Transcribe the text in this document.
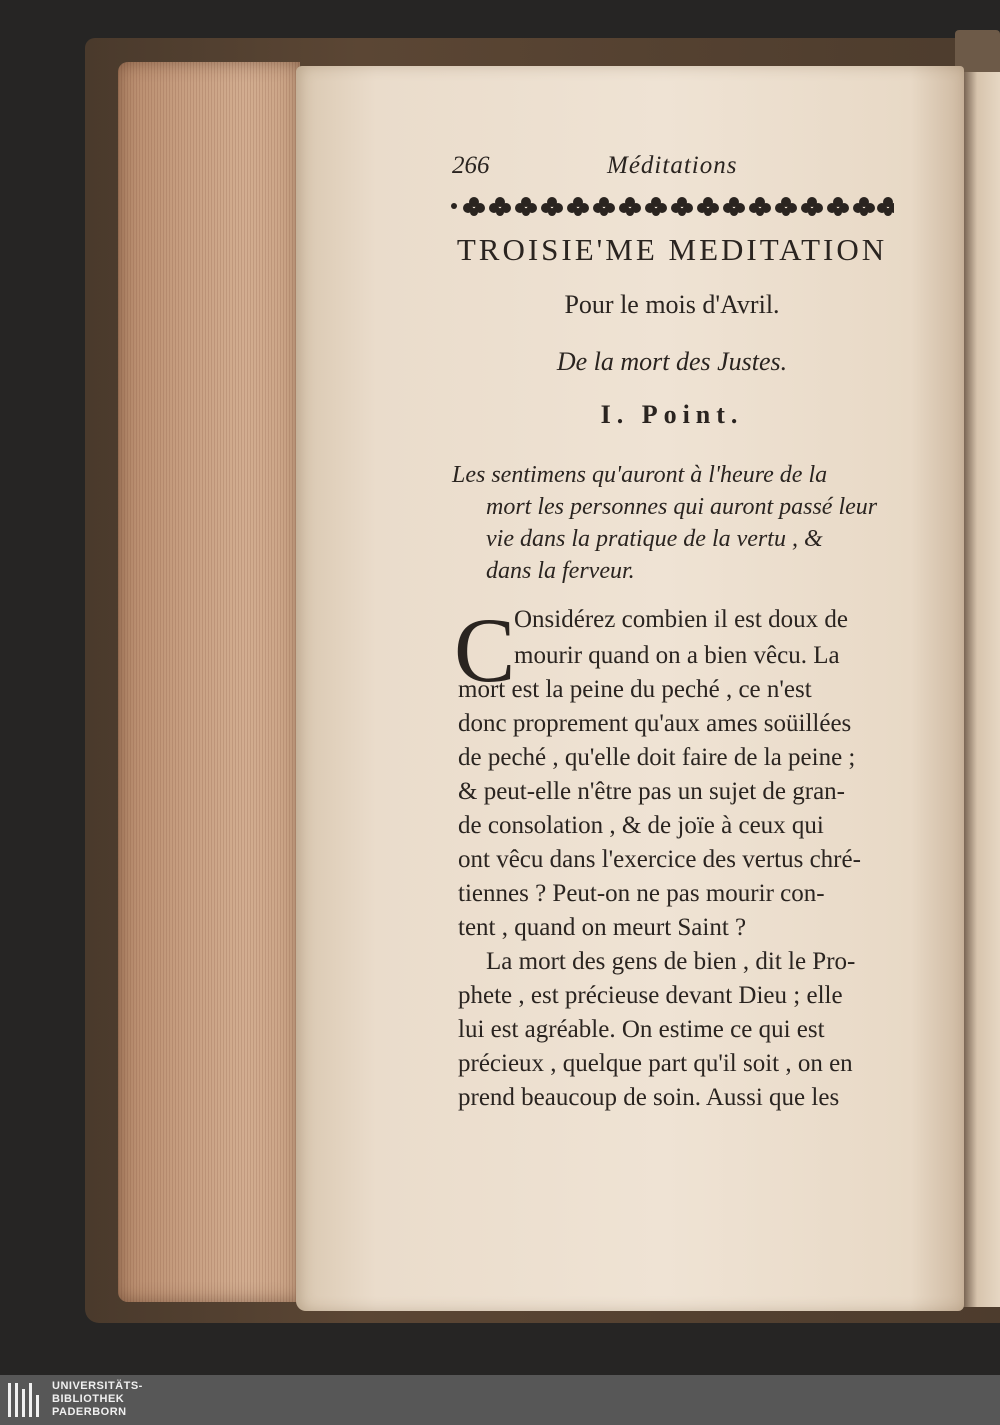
266	Méditations
TROISIE'ME MEDITATION
Pour le mois d'Avril.
De la mort des Justes.
I. Point.
Les sentimens qu'auront à l'heure de la
mort les personnes qui auront passé leur
vie dans la pratique de la vertu , &
dans la ferveur.
C
Onsidérez combien il est doux de
mourir quand on a bien vêcu. La
mort est la peine du peché , ce n'est
donc proprement qu'aux ames soüillées
de peché , qu'elle doit faire de la peine ;
& peut-elle n'être pas un sujet de gran-
de consolation , & de joïe à ceux qui
ont vêcu dans l'exercice des vertus chré-
tiennes ? Peut-on ne pas mourir con-
tent , quand on meurt Saint ?
La mort des gens de bien , dit le Pro-
phete , est précieuse devant Dieu ; elle
lui est agréable. On estime ce qui est
précieux , quelque part qu'il soit , on en
prend beaucoup de soin. Aussi que les
UNIVERSITÄTS-
BIBLIOTHEK
PADERBORN
